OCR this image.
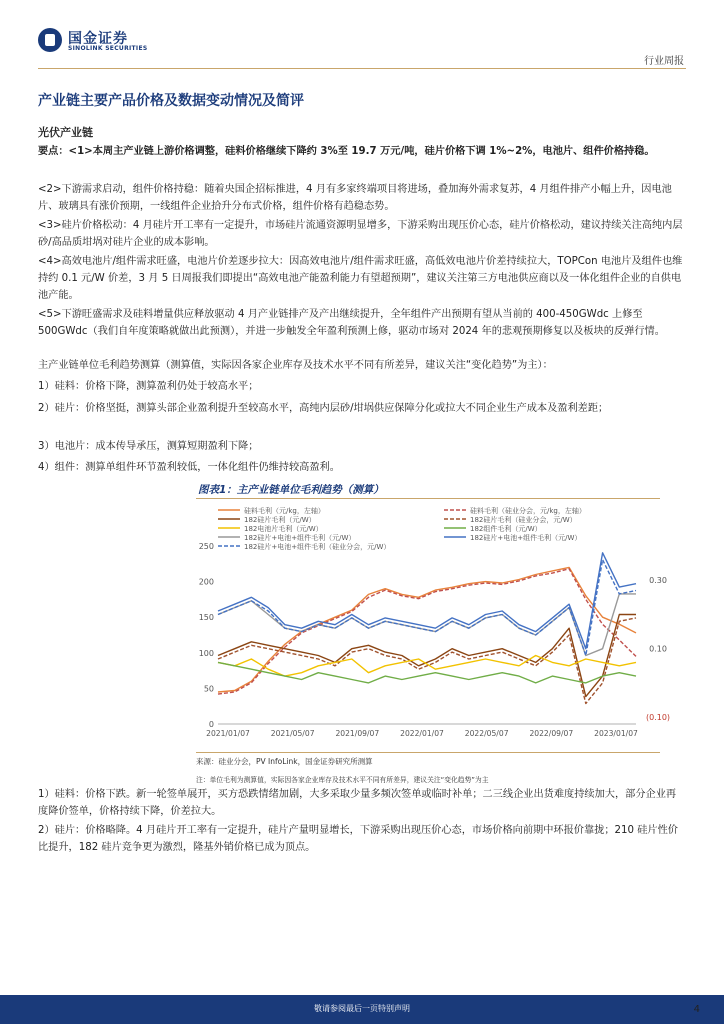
国金证券
SINOLINK SECURITIES
行业周报
产业链主要产品价格及数据变动情况及简评
光伏产业链

要点：<1>本周主产业链上游价格调整，硅料价格继续下降约 3%至 19.7 万元/吨，硅片价格下调 1%~2%，电池片、组件价格持稳。

<2>下游需求启动，组件价格持稳：随着央国企招标推进，4 月有多家终端项目将进场，叠加海外需求复苏，4 月组件排产小幅上升，因电池片、玻璃具有涨价预期，一线组件企业拾升分布式价格，组件价格有趋稳态势。

<3>硅片价格松动：4 月硅片开工率有一定提升，市场硅片流通资源明显增多，下游采购出现压价心态，硅片价格松动，建议持续关注高纯内层砂/高品质坩埚对硅片企业的成本影响。

<4>高效电池片/组件需求旺盛，电池片价差逐步拉大：因高效电池片/组件需求旺盛，高低效电池片价差持续拉大，TOPCon 电池片及组件也维持约 0.1 元/W 价差，3 月 5 日周报我们即提出“高效电池产能盈利能力有望超预期”，建议关注第三方电池供应商以及一体化组件企业的自供电池产能。

<5>下游旺盛需求及硅料增量供应释放驱动 4 月产业链排产及产出继续提升，全年组件产出预期有望从当前的 400-450GWdc 上修至 500GWdc（我们自年度策略就做出此预测），并进一步触发全年盈利预测上修，驱动市场对 2024 年的悲观预期修复以及板块的反弹行情。

主产业链单位毛利趋势测算（测算值，实际因各家企业库存及技术水平不同有所差异，建议关注“变化趋势”为主）：

1）硅料：价格下降，测算盈利仍处于较高水平；

2）硅片：价格坚挺，测算头部企业盈利提升至较高水平，高纯内层砂/坩埚供应保障分化或拉大不同企业生产成本及盈利差距；

3）电池片：成本传导承压，测算短期盈利下降；

4）组件：测算单组件环节盈利较低，一体化组件仍维持较高盈利。

图表1：主产业链单位毛利趋势（测算）
硅料毛利（元/kg，左轴）	硅料毛利（硅业分会，元/kg，左轴）
182硅片毛利（元/W）	182硅片毛利（硅业分会，元/W）
182电池片毛利（元/W）	182组件毛利（元/W）
182硅片+电池+组件毛利（元/W）	182硅片+电池+组件毛利（元/W）
182硅片+电池+组件毛利（硅业分会，元/W）
0
50
100
150
200
250
0.30
0.10
(0.10)
2021/01/07	2021/05/07	2021/09/07	2022/01/07	2022/05/07	2022/09/07	2023/01/07
来源：硅业分会，PV InfoLink，国金证券研究所测算
注：单位毛利为测算值，实际因各家企业库存及技术水平不同有所差异，建议关注“变化趋势”为主

1）硅料：价格下跌。新一轮签单展开，买方恐跌情绪加剧，大多采取少量多频次签单或临时补单；二三线企业出货难度持续加大，部分企业再度降价签单，价格持续下降，价差拉大。

2）硅片：价格略降。4 月硅片开工率有一定提升，硅片产量明显增长，下游采购出现压价心态，市场价格向前期中环报价靠拢；210 硅片性价比提升，182 硅片竞争更为激烈，隆基外销价格已成为顶点。

敬请参阅最后一页特别声明	4
